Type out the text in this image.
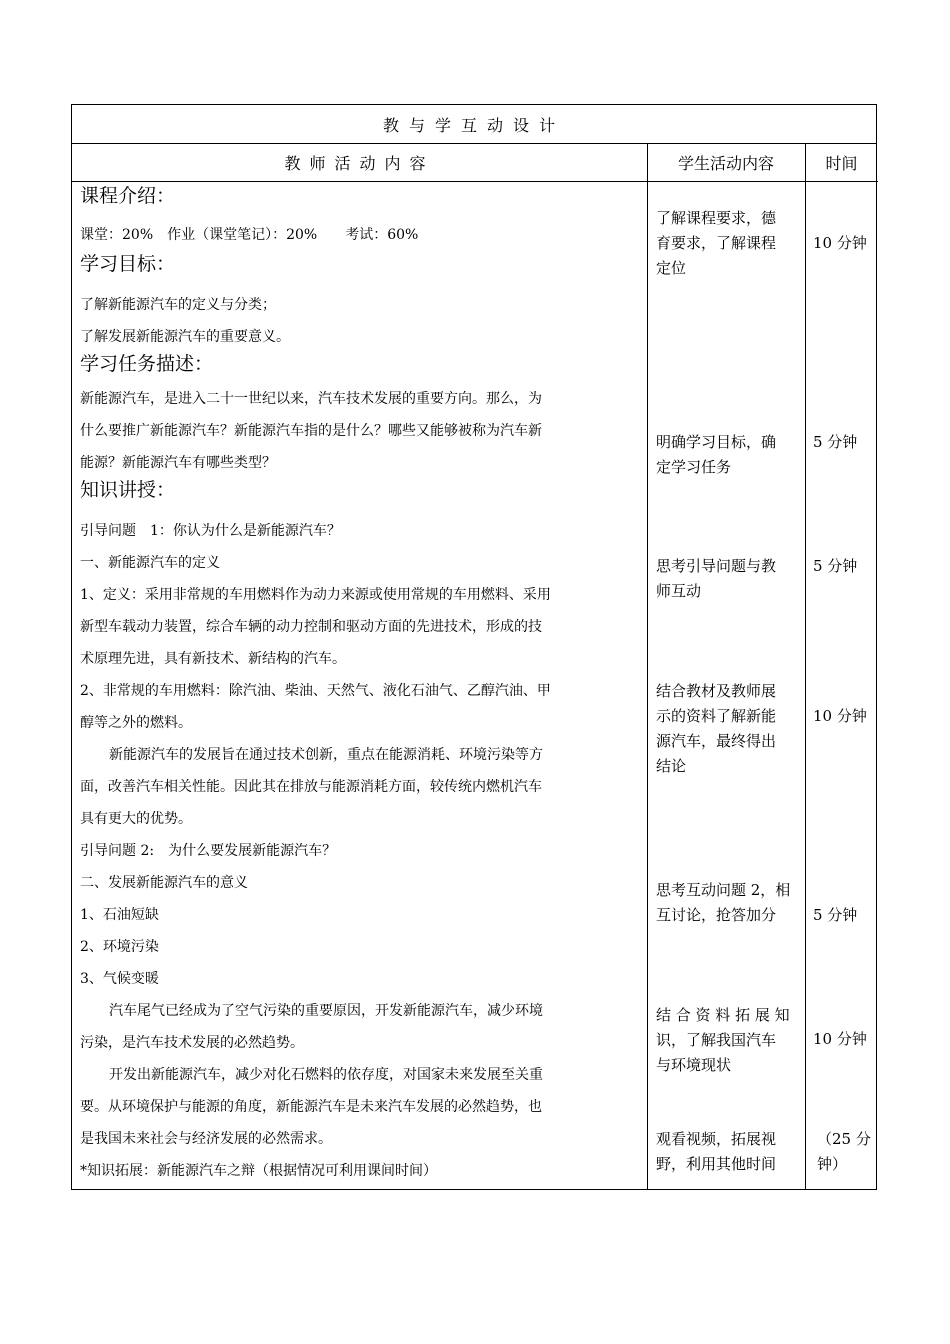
教与学互动设计
教师活动内容	学生活动内容	时间

课程介绍：

课堂：20%　作业（课堂笔记）：20%　　考试：60%

学习目标：

了解新能源汽车的定义与分类；

了解发展新能源汽车的重要意义。

学习任务描述：

新能源汽车，是进入二十一世纪以来，汽车技术发展的重要方向。那么，为

什么要推广新能源汽车？新能源汽车指的是什么？哪些又能够被称为汽车新

能源？新能源汽车有哪些类型？

知识讲授：

引导问题　1：你认为什么是新能源汽车？

一、新能源汽车的定义

1、定义：采用非常规的车用燃料作为动力来源或使用常规的车用燃料、采用

新型车载动力装置，综合车辆的动力控制和驱动方面的先进技术，形成的技

术原理先进，具有新技术、新结构的汽车。

2、非常规的车用燃料：除汽油、柴油、天然气、液化石油气、乙醇汽油、甲

醇等之外的燃料。

新能源汽车的发展旨在通过技术创新，重点在能源消耗、环境污染等方

面，改善汽车相关性能。因此其在排放与能源消耗方面，较传统内燃机汽车

具有更大的优势。

引导问题 2:　为什么要发展新能源汽车？

二、发展新能源汽车的意义

1、石油短缺

2、环境污染

3、气候变暖

汽车尾气已经成为了空气污染的重要原因，开发新能源汽车，减少环境

污染，是汽车技术发展的必然趋势。

开发出新能源汽车，减少对化石燃料的依存度，对国家未来发展至关重

要。从环境保护与能源的角度，新能源汽车是未来汽车发展的必然趋势，也

是我国未来社会与经济发展的必然需求。

*知识拓展：新能源汽车之辩（根据情况可利用课间时间）

了解课程要求，德
育要求，了解课程
定位
明确学习目标，确
定学习任务
思考引导问题与教
师互动
结合教材及教师展
示的资料了解新能
源汽车，最终得出
结论
思考互动问题 2，相
互讨论，抢答加分
结 合 资 料 拓 展 知
识，了解我国汽车
与环境现状
观看视频，拓展视
野，利用其他时间
10 分钟
5 分钟
5 分钟
10 分钟
5 分钟
10 分钟
（25 分
钟）
